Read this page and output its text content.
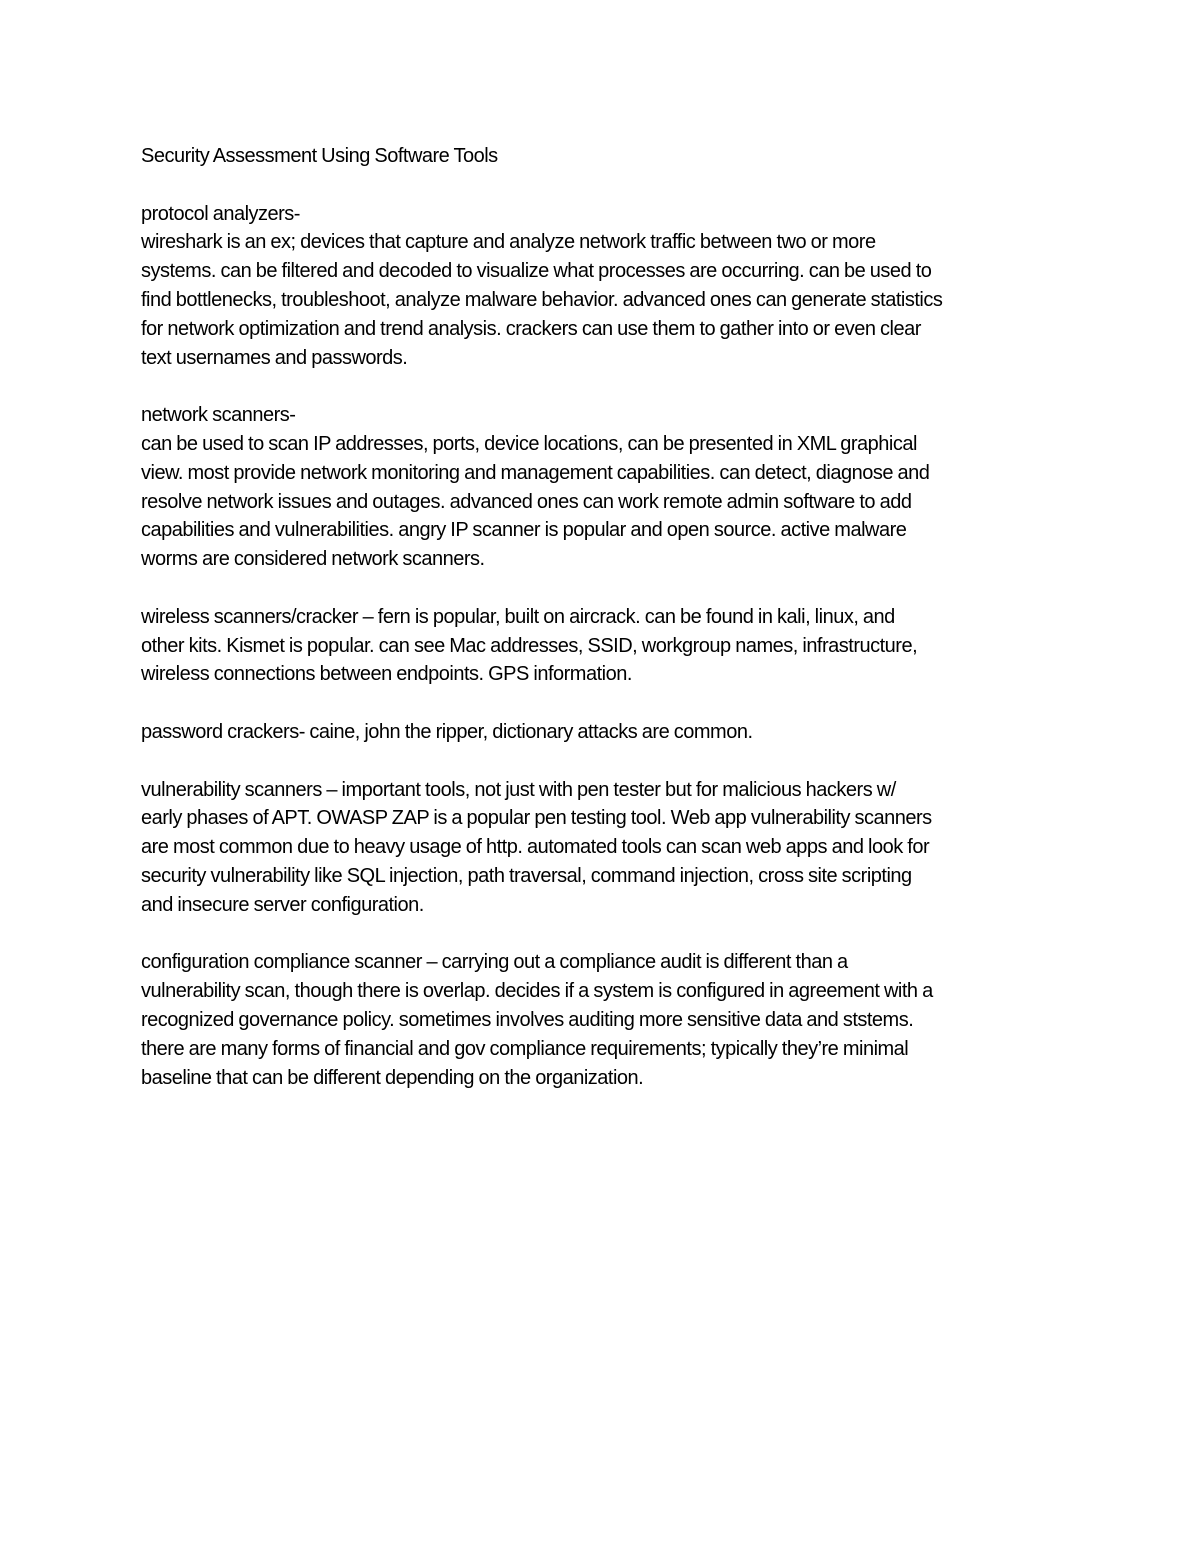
Security Assessment Using Software Tools
protocol analyzers-
wireshark is an ex; devices that capture and analyze network traffic between two or more
systems. can be filtered and decoded to visualize what processes are occurring. can be used to
find bottlenecks, troubleshoot, analyze malware behavior. advanced ones can generate statistics
for network optimization and trend analysis. crackers can use them to gather into or even clear
text usernames and passwords.
network scanners-
can be used to scan IP addresses, ports, device locations, can be presented in XML graphical
view. most provide network monitoring and management capabilities. can detect, diagnose and
resolve network issues and outages. advanced ones can work remote admin software to add
capabilities and vulnerabilities. angry IP scanner is popular and open source. active malware
worms are considered network scanners.
wireless scanners/cracker – fern is popular, built on aircrack. can be found in kali, linux, and
other kits. Kismet is popular. can see Mac addresses, SSID, workgroup names, infrastructure,
wireless connections between endpoints. GPS information.
password crackers- caine, john the ripper, dictionary attacks are common.
vulnerability scanners – important tools, not just with pen tester but for malicious hackers w/
early phases of APT. OWASP ZAP is a popular pen testing tool. Web app vulnerability scanners
are most common due to heavy usage of http. automated tools can scan web apps and look for
security vulnerability like SQL injection, path traversal, command injection, cross site scripting
and insecure server configuration.
configuration compliance scanner – carrying out a compliance audit is different than a
vulnerability scan, though there is overlap. decides if a system is configured in agreement with a
recognized governance policy. sometimes involves auditing more sensitive data and ststems.
there are many forms of financial and gov compliance requirements; typically they’re minimal
baseline that can be different depending on the organization.
